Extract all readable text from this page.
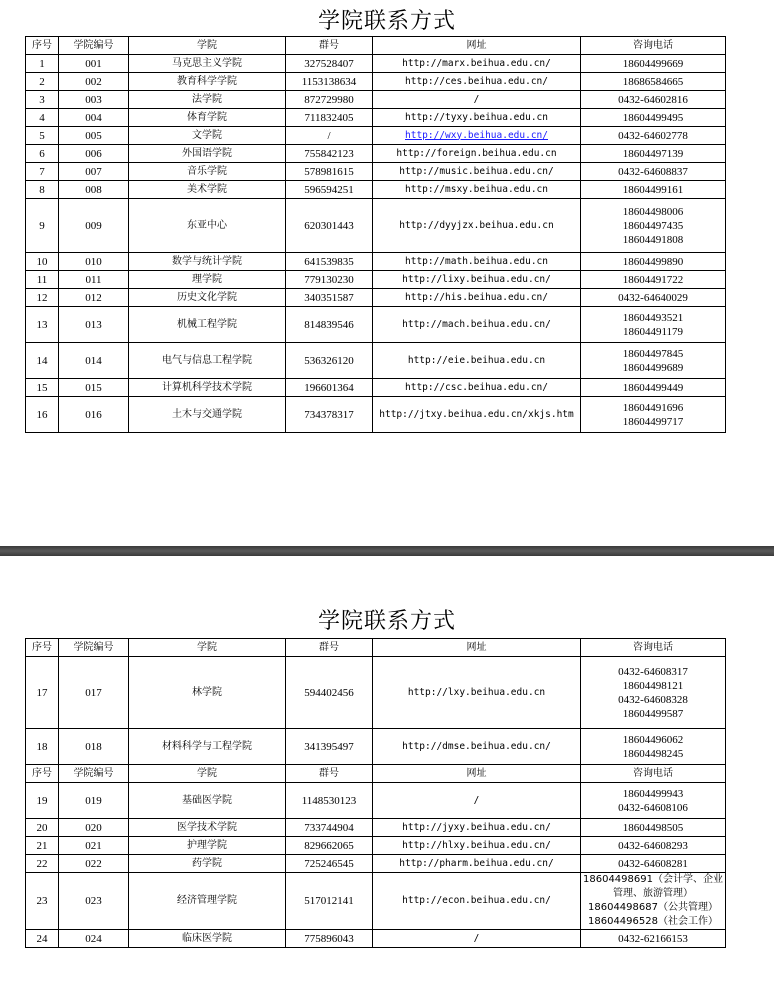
学院联系方式
序号	学院编号	学院	群号	网址	咨询电话
1	001	马克思主义学院	327528407	http://marx.beihua.edu.cn/	18604499669

2	002	教育科学学院	1153138634	http://ces.beihua.edu.cn/	18686584665

3	003	法学院	872729980	/	0432-64602816

4	004	体育学院	711832405	http://tyxy.beihua.edu.cn	18604499495

5	005	文学院	/	http://wxy.beihua.edu.cn/	0432-64602778

6	006	外国语学院	755842123	http://foreign.beihua.edu.cn	18604497139

7	007	音乐学院	578981615	http://music.beihua.edu.cn/	0432-64608837

8	008	美术学院	596594251	http://msxy.beihua.edu.cn	18604499161

9	009	东亚中心	620301443	http://dyyjzx.beihua.edu.cn	18604498006
18604497435
18604491808

10	010	数学与统计学院	641539835	http://math.beihua.edu.cn	18604499890

11	011	理学院	779130230	http://lixy.beihua.edu.cn/	18604491722

12	012	历史文化学院	340351587	http://his.beihua.edu.cn/	0432-64640029

13	013	机械工程学院	814839546	http://mach.beihua.edu.cn/	18604493521
18604491179

14	014	电气与信息工程学院	536326120	http://eie.beihua.edu.cn	18604497845
18604499689

15	015	计算机科学技术学院	196601364	http://csc.beihua.edu.cn/	18604499449

16	016	土木与交通学院	734378317	http://jtxy.beihua.edu.cn/xkjs.htm	18604491696
18604499717
学院联系方式
序号	学院编号	学院	群号	网址	咨询电话
17	017	林学院	594402456	http://lxy.beihua.edu.cn	0432-64608317
18604498121
0432-64608328
18604499587

18	018	材料科学与工程学院	341395497	http://dmse.beihua.edu.cn/	18604496062
18604498245

序号	学院编号	学院	群号	网址	咨询电话
19	019	基础医学院	1148530123	/	18604499943
0432-64608106

20	020	医学技术学院	733744904	http://jyxy.beihua.edu.cn/	18604498505

21	021	护理学院	829662065	http://hlxy.beihua.edu.cn/	0432-64608293

22	022	药学院	725246545	http://pharm.beihua.edu.cn/	0432-64608281

23	023	经济管理学院	517012141	http://econ.beihua.edu.cn/	18604498691（会计学、企业管理、旅游管理）
18604498687（公共管理）
18604496528（社会工作）

24	024	临床医学院	775896043	/	0432-62166153
